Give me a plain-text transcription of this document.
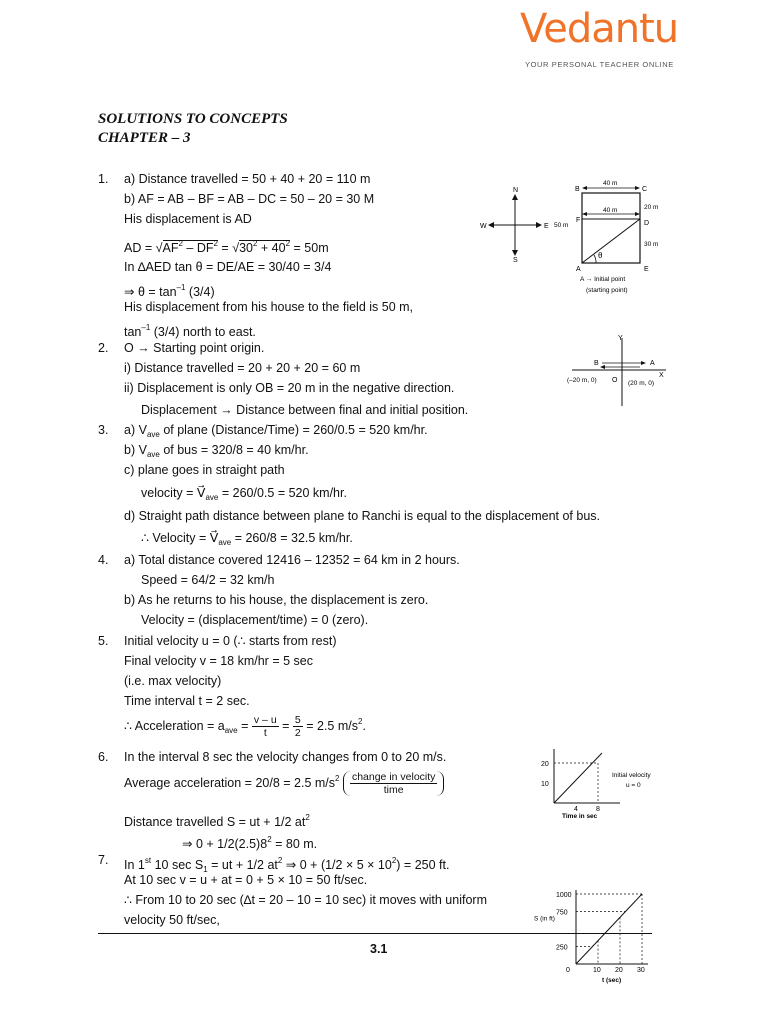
Vedantu
YOUR PERSONAL TEACHER ONLINE
SOLUTIONS TO CONCEPTS
CHAPTER – 3
1. a) Distance travelled = 50 + 40 + 20 = 110 m
b) AF = AB – BF = AB – DC = 50 – 20 = 30 M
His displacement is AD
AD = $√AF^2 - DF^2 = √30^2 + 40^2 = 50m$
In ∆AED tan θ = DE/AE = 30/40 = 3/4
⇒ $\theta = \tan^{-1} (3/4)$
His displacement from his house to the field is 50 m,
$\tan^{-1} (3/4)$ north to east.
2. O → Starting point origin.
i) Distance travelled = 20 + 20 + 20 = 60 m
ii) Displacement is only OB = 20 m in the negative direction.
Displacement → Distance between final and initial position.
3. a) $V_{ave}$ of plane (Distance/Time) = 260/0.5 = 520 km/hr.
b) $V_{ave}$ of bus = 320/8 = 40 km/hr.
c) plane goes in straight path
velocity = $V⃗_{ave} = 260/0.5 = 520$ km/hr.
d) Straight path distance between plane to Ranchi is equal to the displacement of bus.
∴ Velocity = $V⃗_{ave} = 260/8 = 32.5$ km/hr.
4. a) Total distance covered 12416 – 12352 = 64 km in 2 hours.
Speed = 64/2 = 32 km/h
b) As he returns to his house, the displacement is zero.
Velocity = (displacement/time) = 0 (zero).
5. Initial velocity u = 0 (∴ starts from rest)
Final velocity v = 18 km/hr = 5 sec
(i.e. max velocity)
Time interval t = 2 sec.
∴ Acceleration = $a_{ave} = \frac{v - u}{t} = \frac{5}{2} = 2.5$ $m/s^2$.
6. In the interval 8 sec the velocity changes from 0 to 20 m/s.
Average acceleration = 20/8 = 2.5 $m/s^2 \frac{\text{change in velocity}}{\text{time}}$
Distance travelled S = ut + 1/2 $at^2$
⇒ $0 + 1/2(2.5)8^2 = 80$ m.
7. In 1st 10 $\sec S_1$ = ut + 1/2 $at^2$ ⇒ $0 + (1/2 \times 5 \times 10^2) = 250$ ft.
At 10 sec v = u + at = 0 + 5 × 10 = 50 ft/sec.
∴ From 10 to 20 sec (∆t = 20 – 10 = 10 sec) it moves with uniform
velocity 50 ft/sec,
3.1
N
S
E
W
40 m
40 m
50 m
20 m
30 m
B	C
D
A	E
F
θ
A → Initial point
(starting point)
Y
X
B	A
O
(–20 m, 0)	(20 m, 0)
10
20
4	8
Time in sec
Initial velocity
u = 0
250
750
1000
0	10 20 30
t (sec)
S (in ft)
